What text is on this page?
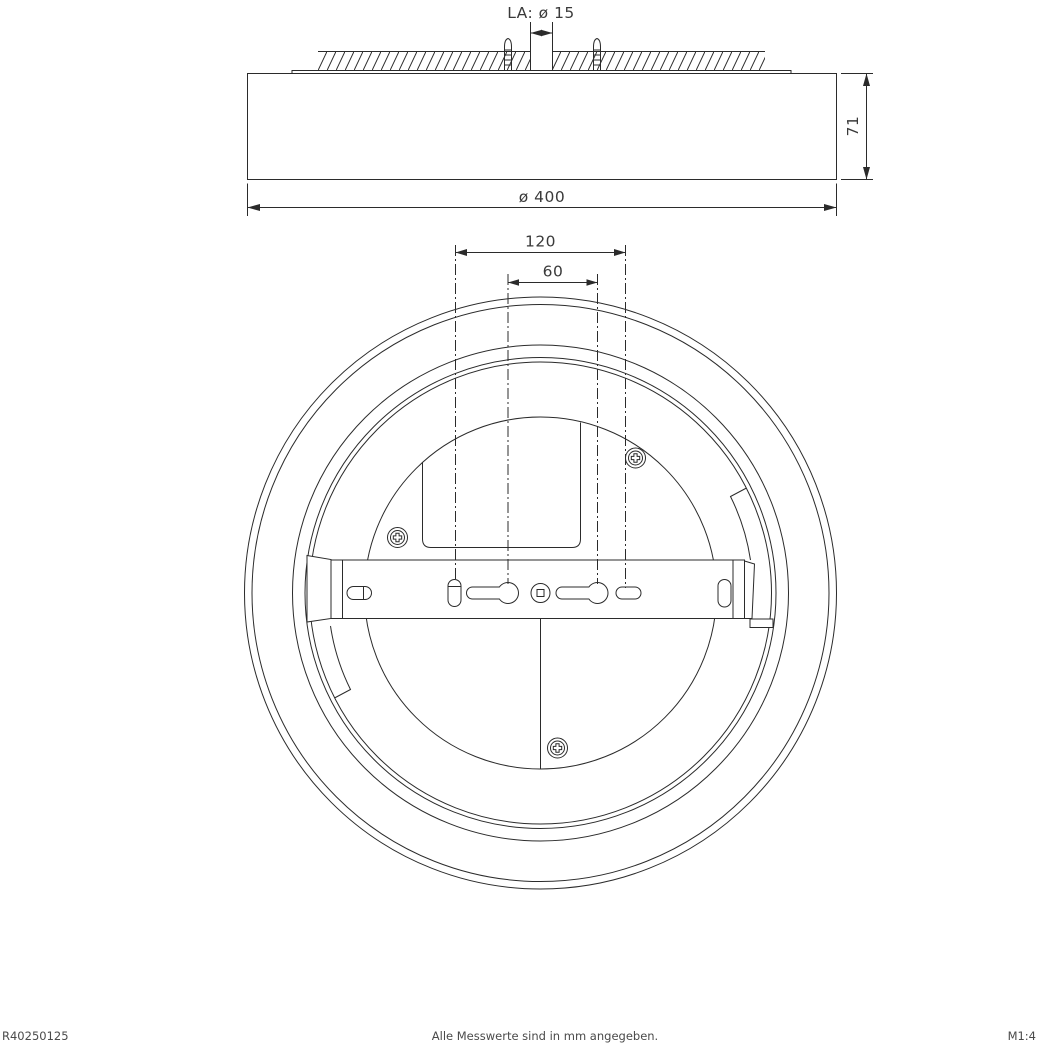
LA: ø 15
ø 400
71
120
60
R40250125	Alle Messwerte sind in mm angegeben.	M1:4
